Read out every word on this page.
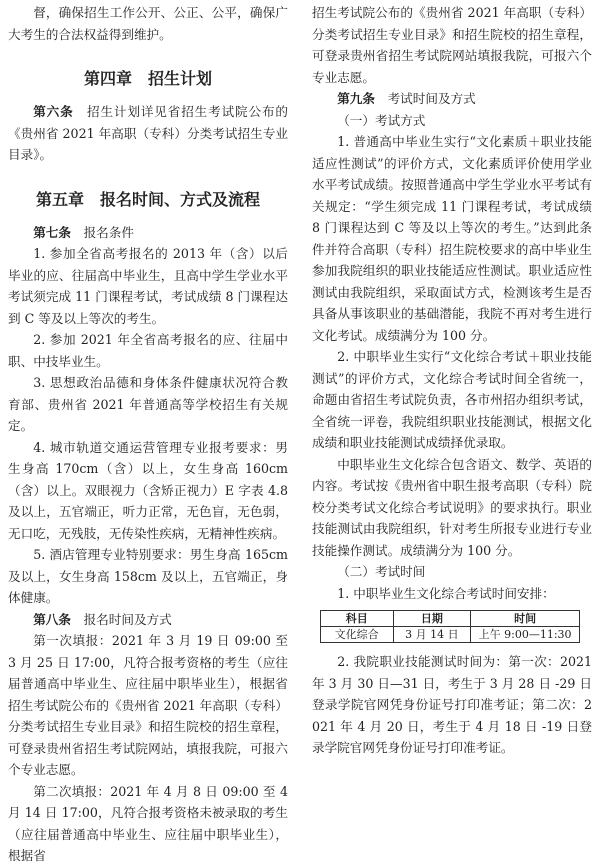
督，确保招生工作公开、公正、公平，确保广大考生的合法权益得到维护。

第四章　招生计划

第六条　招生计划详见省招生考试院公布的《贵州省 2021 年高职（专科）分类考试招生专业目录》。

第五章　报名时间、方式及流程

第七条　报名条件

1. 参加全省高考报名的 2013 年（含）以后毕业的应、往届高中毕业生，且高中学生学业水平考试须完成 11 门课程考试，考试成绩 8 门课程达到 C 等及以上等次的考生。

2. 参加 2021 年全省高考报名的应、往届中职、中技毕业生。

3. 思想政治品德和身体条件健康状况符合教育部、贵州省 2021 年普通高等学校招生有关规定。

4. 城市轨道交通运营管理专业报考要求：男生身高 170cm（含）以上，女生身高 160cm（含）以上。双眼视力（含矫正视力）E 字表 4.8 及以上，五官端正，听力正常，无色盲，无色弱，无口吃，无残肢，无传染性疾病，无精神性疾病。

5. 酒店管理专业特别要求：男生身高 165cm 及以上，女生身高 158cm 及以上，五官端正，身体健康。

第八条　报名时间及方式

第一次填报：2021 年 3 月 19 日 09:00 至 3 月 25 日 17:00，凡符合报考资格的考生（应往届普通高中毕业生、应往届中职毕业生），根据省招生考试院公布的《贵州省 2021 年高职（专科）分类考试招生专业目录》和招生院校的招生章程，可登录贵州省招生考试院网站，填报我院，可报六个专业志愿。

第二次填报：2021 年 4 月 8 日 09:00 至 4 月 14 日 17:00，凡符合报考资格未被录取的考生（应往届普通高中毕业生、应往届中职毕业生），根据省

招生考试院公布的《贵州省 2021 年高职（专科）分类考试招生专业目录》和招生院校的招生章程，可登录贵州省招生考试院网站填报我院，可报六个专业志愿。

第九条　考试时间及方式

（一）考试方式

1. 普通高中毕业生实行“文化素质＋职业技能适应性测试”的评价方式，文化素质评价使用学业水平考试成绩。按照普通高中学生学业水平考试有关规定：“学生须完成 11 门课程考试，考试成绩 8 门课程达到 C 等及以上等次的考生。”达到此条件并符合高职（专科）招生院校要求的高中毕业生参加我院组织的职业技能适应性测试。职业适应性测试由我院组织，采取面试方式，检测该考生是否具备从事该职业的基础潜能，我院不再对考生进行文化考试。成绩满分为 100 分。

2. 中职毕业生实行“文化综合考试＋职业技能测试”的评价方式，文化综合考试时间全省统一，命题由省招生考试院负责，各市州招办组织考试，全省统一评卷，我院组织职业技能测试，根据文化成绩和职业技能测试成绩择优录取。

中职毕业生文化综合包含语文、数学、英语的内容。考试按《贵州省中职生报考高职（专科）院校分类考试文化综合考试说明》的要求执行。职业技能测试由我院组织，针对考生所报专业进行专业技能操作测试。成绩满分为 100 分。

（二）考试时间

1. 中职毕业生文化综合考试时间安排：

科目	日期	时间
文化综合	3 月 14 日	上午 9:00—11:30

2. 我院职业技能测试时间为：第一次：2021 年 3 月 30 日—31 日，考生于 3 月 28 日 -29 日登录学院官网凭身份证号打印准考证；第二次：2021 年 4 月 20 日，考生于 4 月 18 日 -19 日登录学院官网凭身份证号打印准考证。
